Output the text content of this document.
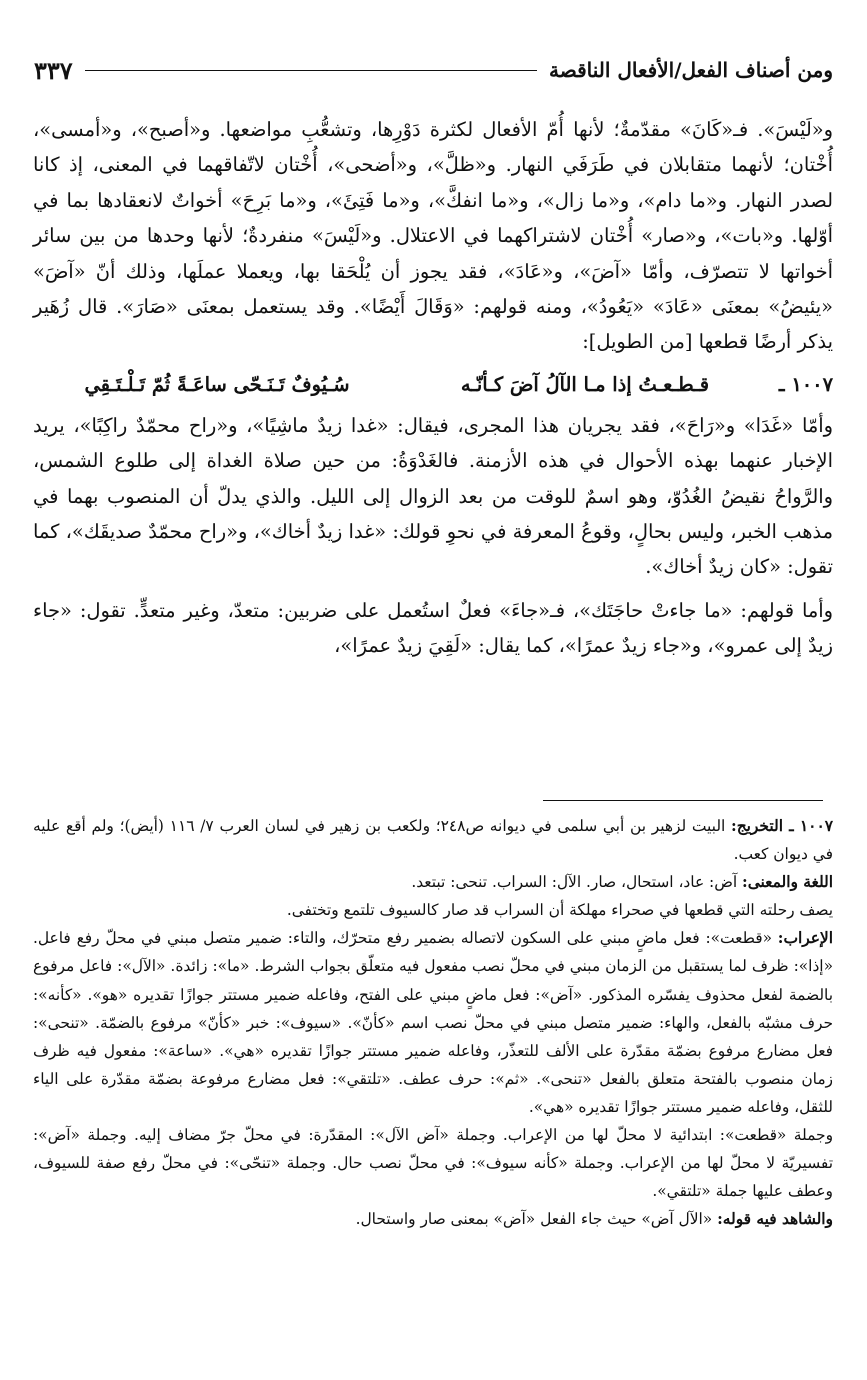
ومن أصناف الفعل/الأفعال الناقصة
٣٣٧

و«لَيْسَ». فـ«كَانَ» مقدّمةٌ؛ لأنها أُمّ الأفعال لكثرة دَوْرِها، وتشعُّبِ مواضعها. و«أصبح»، و«أمسى»، أُخْتان؛ لأنهما متقابلان في طَرَفَي النهار. و«ظلَّ»، و«أضحى»، أُخْتان لاتّفاقهما في المعنى، إذ كانا لصدر النهار. و«ما دام»، و«ما زال»، و«ما انفكَّ»، و«ما فَتِئَ»، و«ما بَرِحَ» أخواتٌ لانعقادها بما في أوّلها. و«بات»، و«صار» أُخْتان لاشتراكهما في الاعتلال. و«لَيْسَ» منفردةٌ؛ لأنها وحدها من بين سائر أخواتها لا تتصرّف، وأمّا «آضَ»، و«عَادَ»، فقد يجوز أن يُلْحَقا بها، ويعملا عملَها، وذلك أنّ «آضَ» «يئيضُ» بمعنَى «عَادَ» «يَعُودُ»، ومنه قولهم: «وَقَالَ أَيْضًا». وقد يستعمل بمعنَى «صَارَ». قال زُهَير يذكر أرضًا قطعها [من الطويل]:

١٠٠٧ ـ
قـطـعـتُ إذا مـا الآلُ آضَ كـأنّـه
سُـيُوفٌ تَـنَـحّى ساعَـةً ثُمّ تَـلْـتَـقِي

وأمّا «غَدَا» و«رَاحَ»، فقد يجريان هذا المجرى، فيقال: «غدا زيدٌ ماشِيًا»، و«راح محمّدٌ راكِبًا»، يريد الإخبار عنهما بهذه الأحوال في هذه الأزمنة. فالغَدْوَةُ: من حين صلاة الغداة إلى طلوع الشمس، والرَّواحُ نقيضُ الغُدُوّ، وهو اسمٌ للوقت من بعد الزوال إلى الليل. والذي يدلّ أن المنصوب بهما في مذهب الخبر، وليس بحالٍ، وقوعُ المعرفة في نحوِ قولك: «غدا زيدٌ أخاك»، و«راح محمّدٌ صديقَك»، كما تقول: «كان زيدٌ أخاك».

وأما قولهم: «ما جاءتْ حاجَتَك»، فـ«جاءَ» فعلٌ استُعمل على ضربين: متعدّ، وغير متعدٍّ. تقول: «جاء زيدٌ إلى عمرو»، و«جاء زيدٌ عمرًا»، كما يقال: «لَقِيَ زيدٌ عمرًا»،

١٠٠٧ ـ التخريج: البيت لزهير بن أبي سلمى في ديوانه ص٢٤٨؛ ولكعب بن زهير في لسان العرب ٧/ ١١٦ (أيض)؛ ولم أقع عليه في ديوان كعب.

اللغة والمعنى: آض: عاد، استحال، صار. الآل: السراب. تنحى: تبتعد.

يصف رحلته التي قطعها في صحراء مهلكة أن السراب قد صار كالسيوف تلتمع وتختفى.

الإعراب: «قطعت»: فعل ماضٍ مبني على السكون لاتصاله بضمير رفع متحرّك، والتاء: ضمير متصل مبني في محلّ رفع فاعل. «إذا»: ظرف لما يستقبل من الزمان مبني في محلّ نصب مفعول فيه متعلّق بجواب الشرط. «ما»: زائدة. «الآل»: فاعل مرفوع بالضمة لفعل محذوف يفسّره المذكور. «آض»: فعل ماضٍ مبني على الفتح، وفاعله ضمير مستتر جوازًا تقديره «هو». «كأنه»: حرف مشبّه بالفعل، والهاء: ضمير متصل مبني في محلّ نصب اسم «كأنّ». «سيوف»: خبر «كأنّ» مرفوع بالضمّة. «تنحى»: فعل مضارع مرفوع بضمّة مقدّرة على الألف للتعذّر، وفاعله ضمير مستتر جوازًا تقديره «هي». «ساعة»: مفعول فيه ظرف زمان منصوب بالفتحة متعلق بالفعل «تنحى». «ثم»: حرف عطف. «تلتقي»: فعل مضارع مرفوعة بضمّة مقدّرة على الياء للثقل، وفاعله ضمير مستتر جوازًا تقديره «هي».

وجملة «قطعت»: ابتدائية لا محلّ لها من الإعراب. وجملة «آض الآل»: المقدّرة: في محلّ جرّ مضاف إليه. وجملة «آض»: تفسيريّة لا محلّ لها من الإعراب. وجملة «كأنه سيوف»: في محلّ نصب حال. وجملة «تنحّى»: في محلّ رفع صفة للسيوف، وعطف عليها جملة «تلتقي».

والشاهد فيه قوله: «الآل آض» حيث جاء الفعل «آض» بمعنى صار واستحال.
